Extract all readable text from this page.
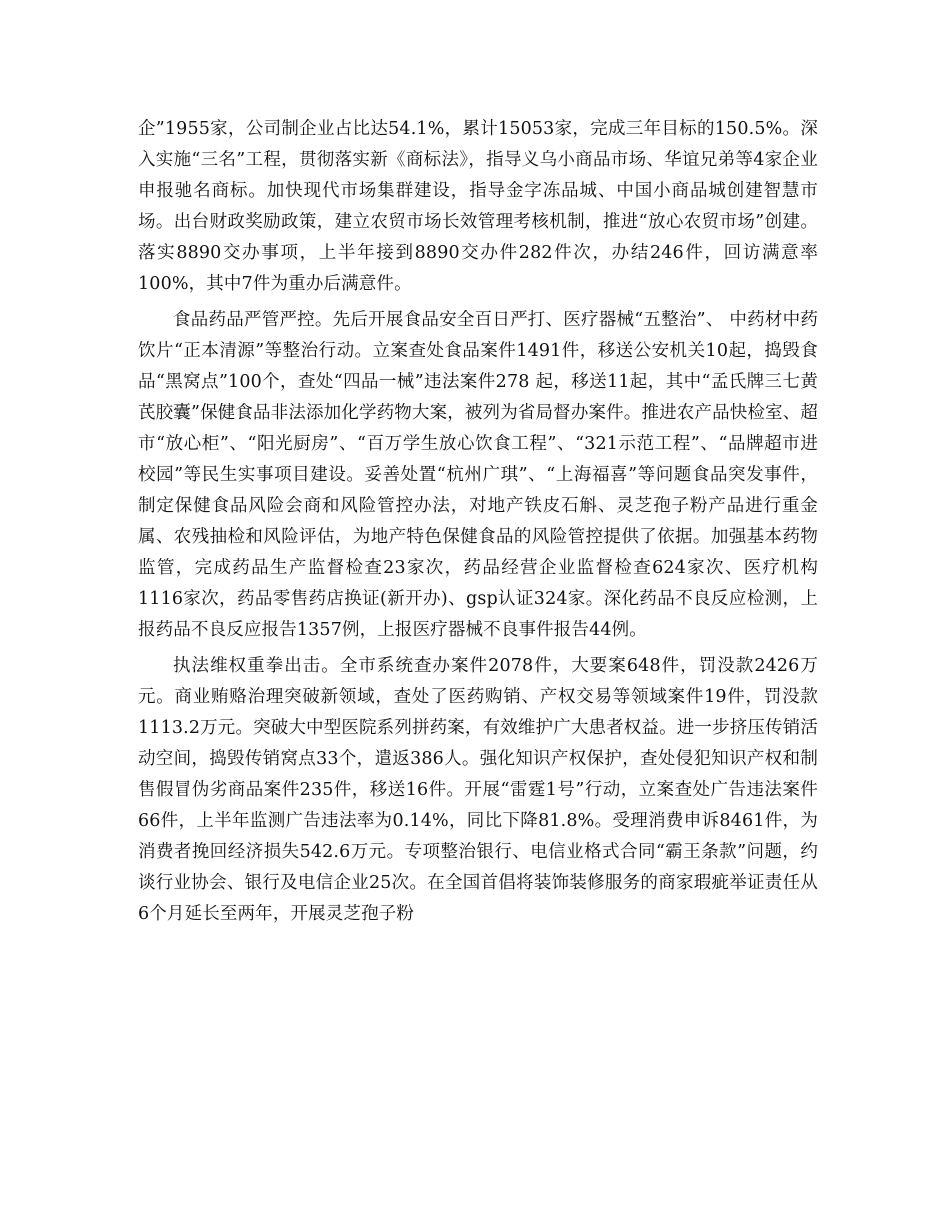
企”1955家，公司制企业占比达54.1%，累计15053家，完成三年目标的150.5%。深入实施“三名”工程，贯彻落实新《商标法》，指导义乌小商品市场、华谊兄弟等4家企业申报驰名商标。加快现代市场集群建设，指导金字冻品城、中国小商品城创建智慧市场。出台财政奖励政策，建立农贸市场长效管理考核机制，推进“放心农贸市场”创建。落实8890交办事项，上半年接到8890交办件282件次，办结246件，回访满意率100%，其中7件为重办后满意件。

食品药品严管严控。先后开展食品安全百日严打、医疗器械“五整治”、 中药材中药饮片“正本清源”等整治行动。立案查处食品案件1491件，移送公安机关10起，捣毁食品“黑窝点”100个，查处“四品一械”违法案件278 起，移送11起，其中“孟氏牌三七黄芪胶囊”保健食品非法添加化学药物大案，被列为省局督办案件。推进农产品快检室、超市“放心柜”、“阳光厨房”、“百万学生放心饮食工程”、“321示范工程”、“品牌超市进校园”等民生实事项目建设。妥善处置“杭州广琪”、“上海福喜”等问题食品突发事件，制定保健食品风险会商和风险管控办法，对地产铁皮石斛、灵芝孢子粉产品进行重金属、农残抽检和风险评估，为地产特色保健食品的风险管控提供了依据。加强基本药物监管，完成药品生产监督检查23家次，药品经营企业监督检查624家次、医疗机构1116家次，药品零售药店换证(新开办)、gsp认证324家。深化药品不良反应检测，上报药品不良反应报告1357例，上报医疗器械不良事件报告44例。

执法维权重拳出击。全市系统查办案件2078件，大要案648件，罚没款2426万元。商业贿赂治理突破新领域，查处了医药购销、产权交易等领域案件19件，罚没款1113.2万元。突破大中型医院系列拼药案，有效维护广大患者权益。进一步挤压传销活动空间，捣毁传销窝点33个，遣返386人。强化知识产权保护，查处侵犯知识产权和制售假冒伪劣商品案件235件，移送16件。开展“雷霆1号”行动，立案查处广告违法案件66件，上半年监测广告违法率为0.14%，同比下降81.8%。受理消费申诉8461件，为消费者挽回经济损失542.6万元。专项整治银行、电信业格式合同“霸王条款”问题，约谈行业协会、银行及电信企业25次。在全国首倡将装饰装修服务的商家瑕疵举证责任从6个月延长至两年，开展灵芝孢子粉
